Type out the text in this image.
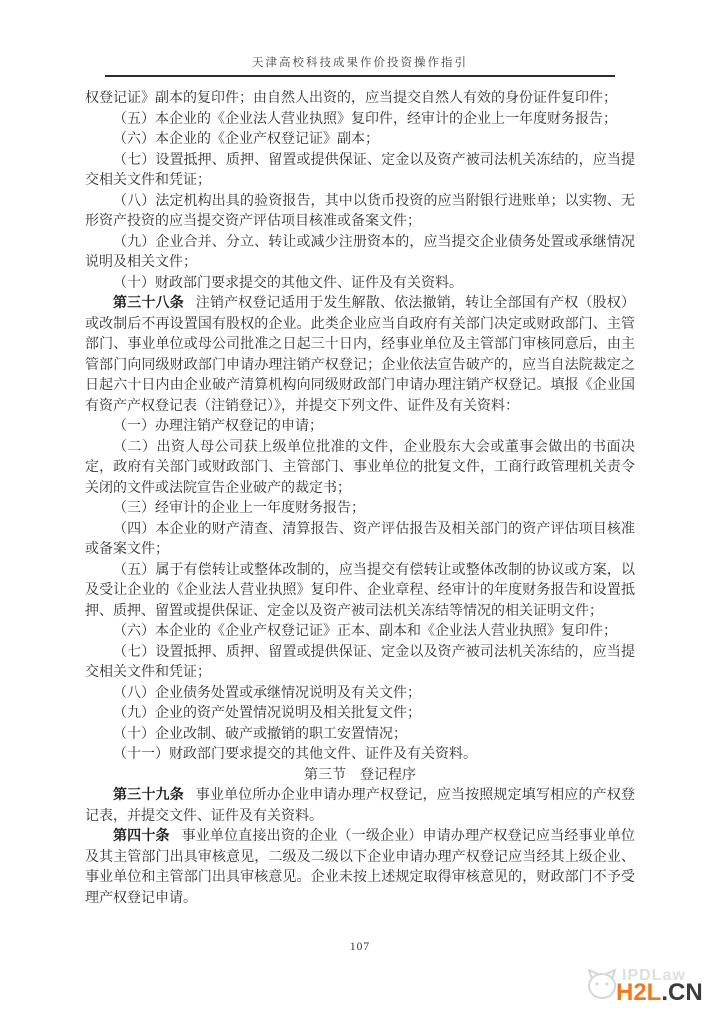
天津高校科技成果作价投资操作指引

权登记证》副本的复印件；由自然人出资的，应当提交自然人有效的身份证件复印件；

（五）本企业的《企业法人营业执照》复印件，经审计的企业上一年度财务报告；

（六）本企业的《企业产权登记证》副本；

（七）设置抵押、质押、留置或提供保证、定金以及资产被司法机关冻结的，应当提交相关文件和凭证；

（八）法定机构出具的验资报告，其中以货币投资的应当附银行进账单；以实物、无形资产投资的应当提交资产评估项目核准或备案文件；

（九）企业合并、分立、转让或减少注册资本的，应当提交企业债务处置或承继情况说明及相关文件；

（十）财政部门要求提交的其他文件、证件及有关资料。

第三十八条 注销产权登记适用于发生解散、依法撤销，转让全部国有产权（股权）或改制后不再设置国有股权的企业。此类企业应当自政府有关部门决定或财政部门、主管部门、事业单位或母公司批准之日起三十日内，经事业单位及主管部门审核同意后，由主管部门向同级财政部门申请办理注销产权登记；企业依法宣告破产的，应当自法院裁定之日起六十日内由企业破产清算机构向同级财政部门申请办理注销产权登记。填报《企业国有资产产权登记表（注销登记）》，并提交下列文件、证件及有关资料：

（一）办理注销产权登记的申请；

（二）出资人母公司获上级单位批准的文件，企业股东大会或董事会做出的书面决定，政府有关部门或财政部门、主管部门、事业单位的批复文件，工商行政管理机关责令关闭的文件或法院宣告企业破产的裁定书；

（三）经审计的企业上一年度财务报告；

（四）本企业的财产清查、清算报告、资产评估报告及相关部门的资产评估项目核准或备案文件；

（五）属于有偿转让或整体改制的，应当提交有偿转让或整体改制的协议或方案，以及受让企业的《企业法人营业执照》复印件、企业章程、经审计的年度财务报告和设置抵押、质押、留置或提供保证、定金以及资产被司法机关冻结等情况的相关证明文件；

（六）本企业的《企业产权登记证》正本、副本和《企业法人营业执照》复印件；

（七）设置抵押、质押、留置或提供保证、定金以及资产被司法机关冻结的，应当提交相关文件和凭证；

（八）企业债务处置或承继情况说明及有关文件；

（九）企业的资产处置情况说明及相关批复文件；

（十）企业改制、破产或撤销的职工安置情况；

（十一）财政部门要求提交的其他文件、证件及有关资料。

第三节　登记程序

第三十九条 事业单位所办企业申请办理产权登记，应当按照规定填写相应的产权登记表，并提交文件、证件及有关资料。

第四十条 事业单位直接出资的企业（一级企业）申请办理产权登记应当经事业单位及其主管部门出具审核意见，二级及二级以下企业申请办理产权登记应当经其上级企业、事业单位和主管部门出具审核意见。企业未按上述规定取得审核意见的，财政部门不予受理产权登记申请。

107
IPDLaw
H2L.CN
